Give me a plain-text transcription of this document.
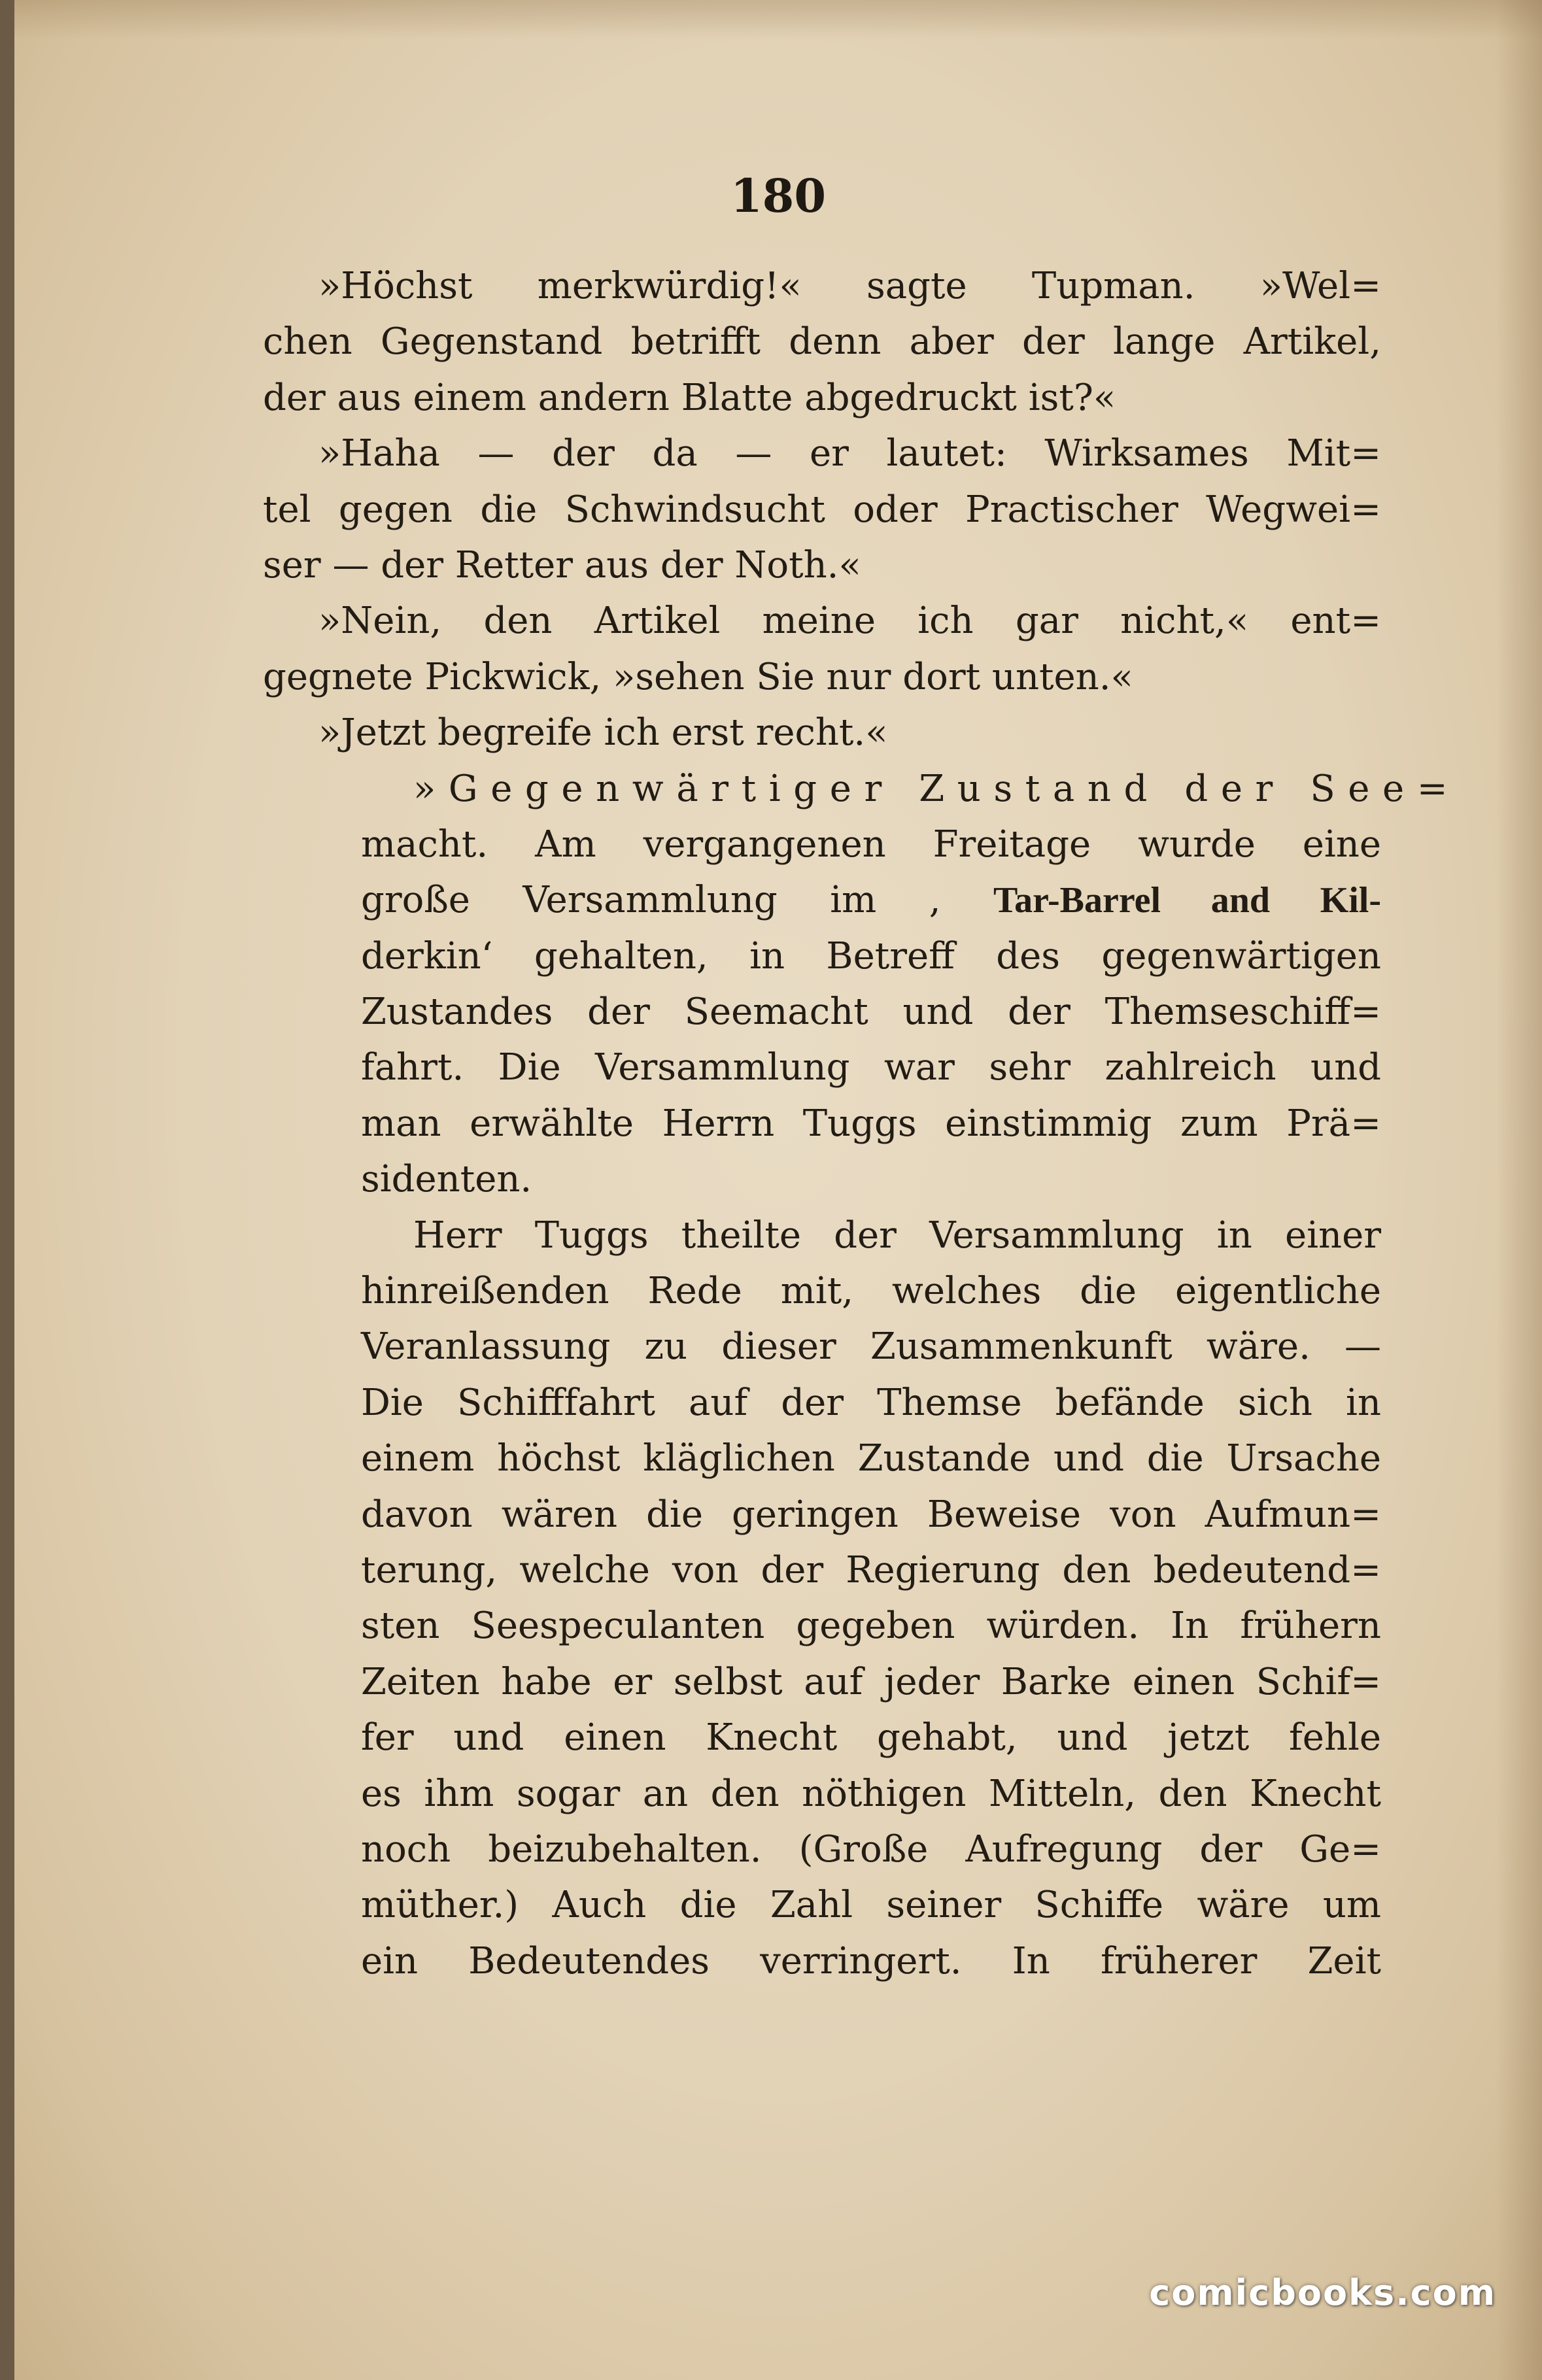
180

»Höchst merkwürdig!« sagte Tupman. »Wel=
chen Gegenstand betrifft denn aber der lange Artikel,
der aus einem andern Blatte abgedruckt ist?«
»Haha — der da — er lautet: Wirksames Mit=
tel gegen die Schwindsucht oder Practischer Wegwei=
ser — der Retter aus der Noth.«
»Nein, den Artikel meine ich gar nicht,« ent=
gegnete Pickwick, »sehen Sie nur dort unten.«
»Jetzt begreife ich erst recht.«
»Gegenwärtiger Zustand der See=
macht. Am vergangenen Freitage wurde eine
große Versammlung im , Tar-Barrel and Kil-
derkin‘ gehalten, in Betreff des gegenwärtigen
Zustandes der Seemacht und der Themseschiff=
fahrt. Die Versammlung war sehr zahlreich und
man erwählte Herrn Tuggs einstimmig zum Prä=
sidenten.
Herr Tuggs theilte der Versammlung in einer
hinreißenden Rede mit, welches die eigentliche
Veranlassung zu dieser Zusammenkunft wäre. —
Die Schifffahrt auf der Themse befände sich in
einem höchst kläglichen Zustande und die Ursache
davon wären die geringen Beweise von Aufmun=
terung, welche von der Regierung den bedeutend=
sten Seespeculanten gegeben würden. In frühern
Zeiten habe er selbst auf jeder Barke einen Schif=
fer und einen Knecht gehabt, und jetzt fehle
es ihm sogar an den nöthigen Mitteln, den Knecht
noch beizubehalten. (Große Aufregung der Ge=
müther.) Auch die Zahl seiner Schiffe wäre um
ein Bedeutendes verringert. In früherer Zeit
comicbooks.com
